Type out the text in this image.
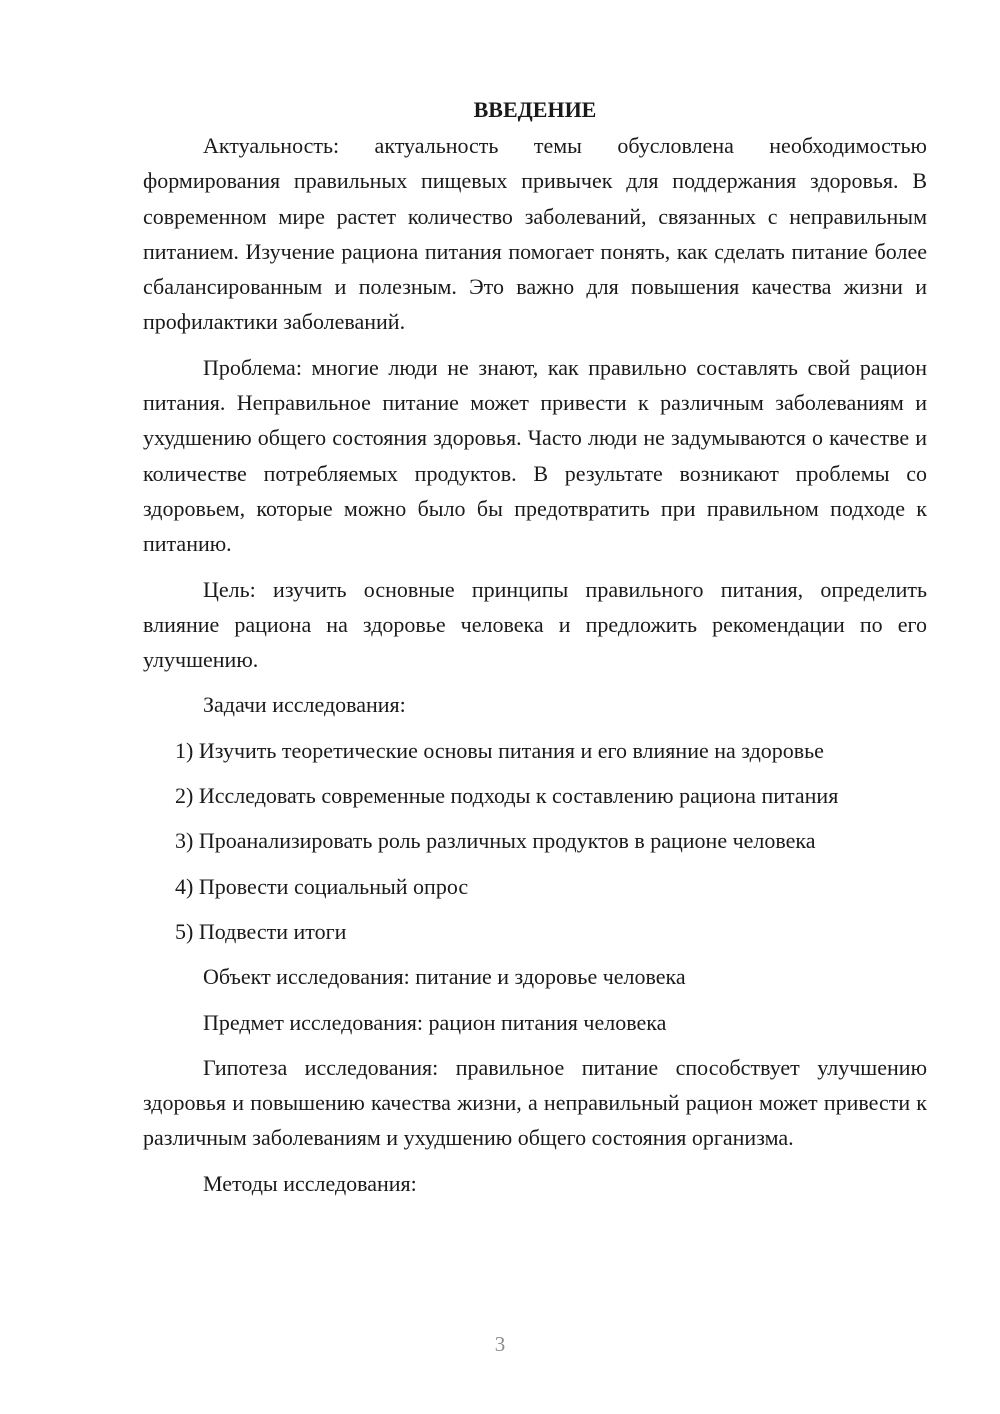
ВВЕДЕНИЕ

Актуальность: актуальность темы обусловлена необходимостью формирования правильных пищевых привычек для поддержания здоровья. В современном мире растет количество заболеваний, связанных с неправильным питанием. Изучение рациона питания помогает понять, как сделать питание более сбалансированным и полезным. Это важно для повышения качества жизни и профилактики заболеваний.

Проблема: многие люди не знают, как правильно составлять свой рацион питания. Неправильное питание может привести к различным заболеваниям и ухудшению общего состояния здоровья. Часто люди не задумываются о качестве и количестве потребляемых продуктов. В результате возникают проблемы со здоровьем, которые можно было бы предотвратить при правильном подходе к питанию.

Цель: изучить основные принципы правильного питания, определить влияние рациона на здоровье человека и предложить рекомендации по его улучшению.

Задачи исследования:

1) Изучить теоретические основы питания и его влияние на здоровье
2) Исследовать современные подходы к составлению рациона питания
3) Проанализировать роль различных продуктов в рационе человека
4) Провести социальный опрос
5) Подвести итоги

Объект исследования: питание и здоровье человека

Предмет исследования: рацион питания человека

Гипотеза исследования: правильное питание способствует улучшению здоровья и повышению качества жизни, а неправильный рацион может привести к различным заболеваниям и ухудшению общего состояния организма.

Методы исследования:

3
